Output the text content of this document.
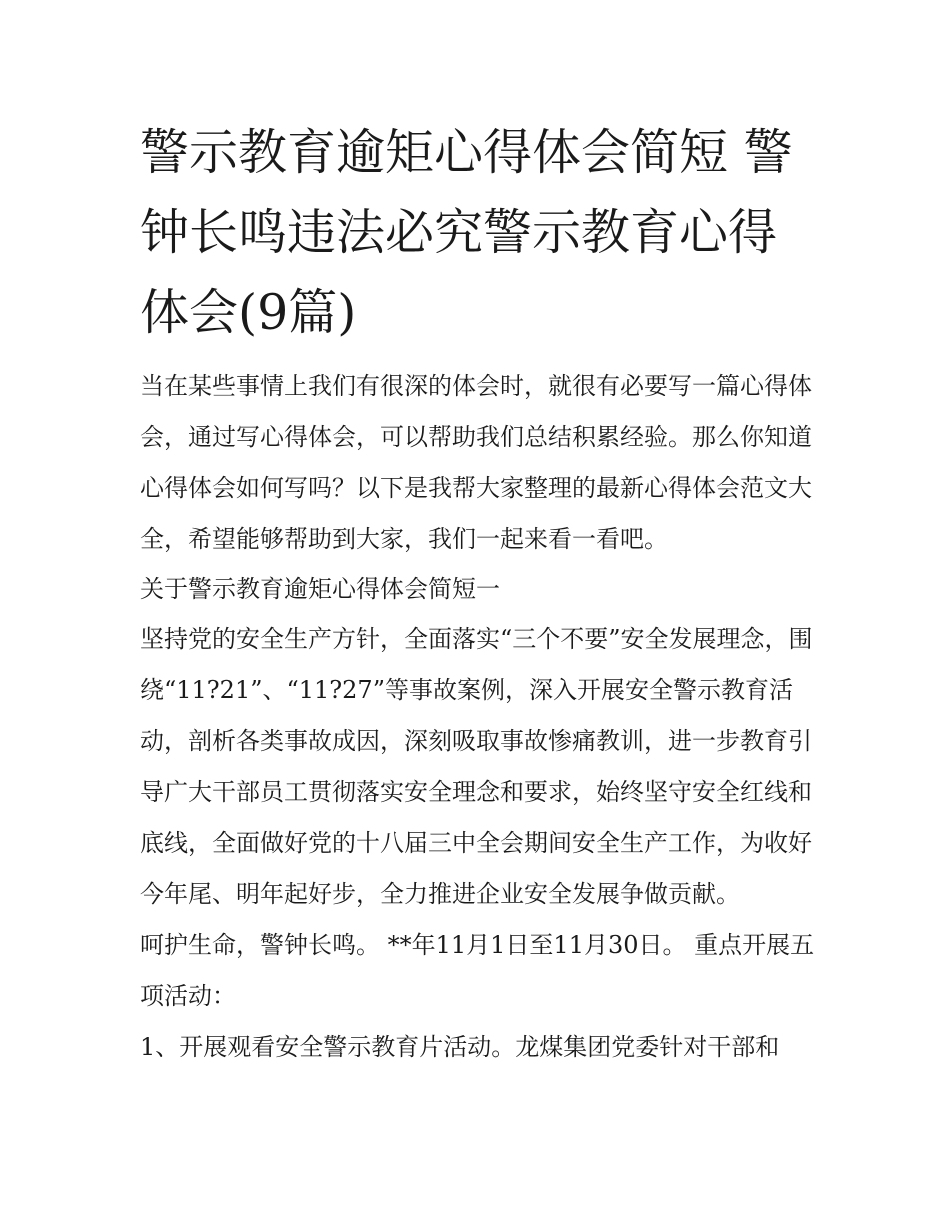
警示教育逾矩心得体会简短 警钟长鸣违法必究警示教育心得体会(9篇)

当在某些事情上我们有很深的体会时，就很有必要写一篇心得体会，通过写心得体会，可以帮助我们总结积累经验。那么你知道心得体会如何写吗？以下是我帮大家整理的最新心得体会范文大全，希望能够帮助到大家，我们一起来看一看吧。

关于警示教育逾矩心得体会简短一

坚持党的安全生产方针，全面落实“三个不要”安全发展理念，围绕“11?21”、“11?27”等事故案例，深入开展安全警示教育活动，剖析各类事故成因，深刻吸取事故惨痛教训，进一步教育引导广大干部员工贯彻落实安全理念和要求，始终坚守安全红线和底线，全面做好党的十八届三中全会期间安全生产工作，为收好今年尾、明年起好步，全力推进企业安全发展争做贡献。

呵护生命，警钟长鸣。 **年11月1日至11月30日。 重点开展五项活动：

1、开展观看安全警示教育片活动。龙煤集团党委针对干部和
